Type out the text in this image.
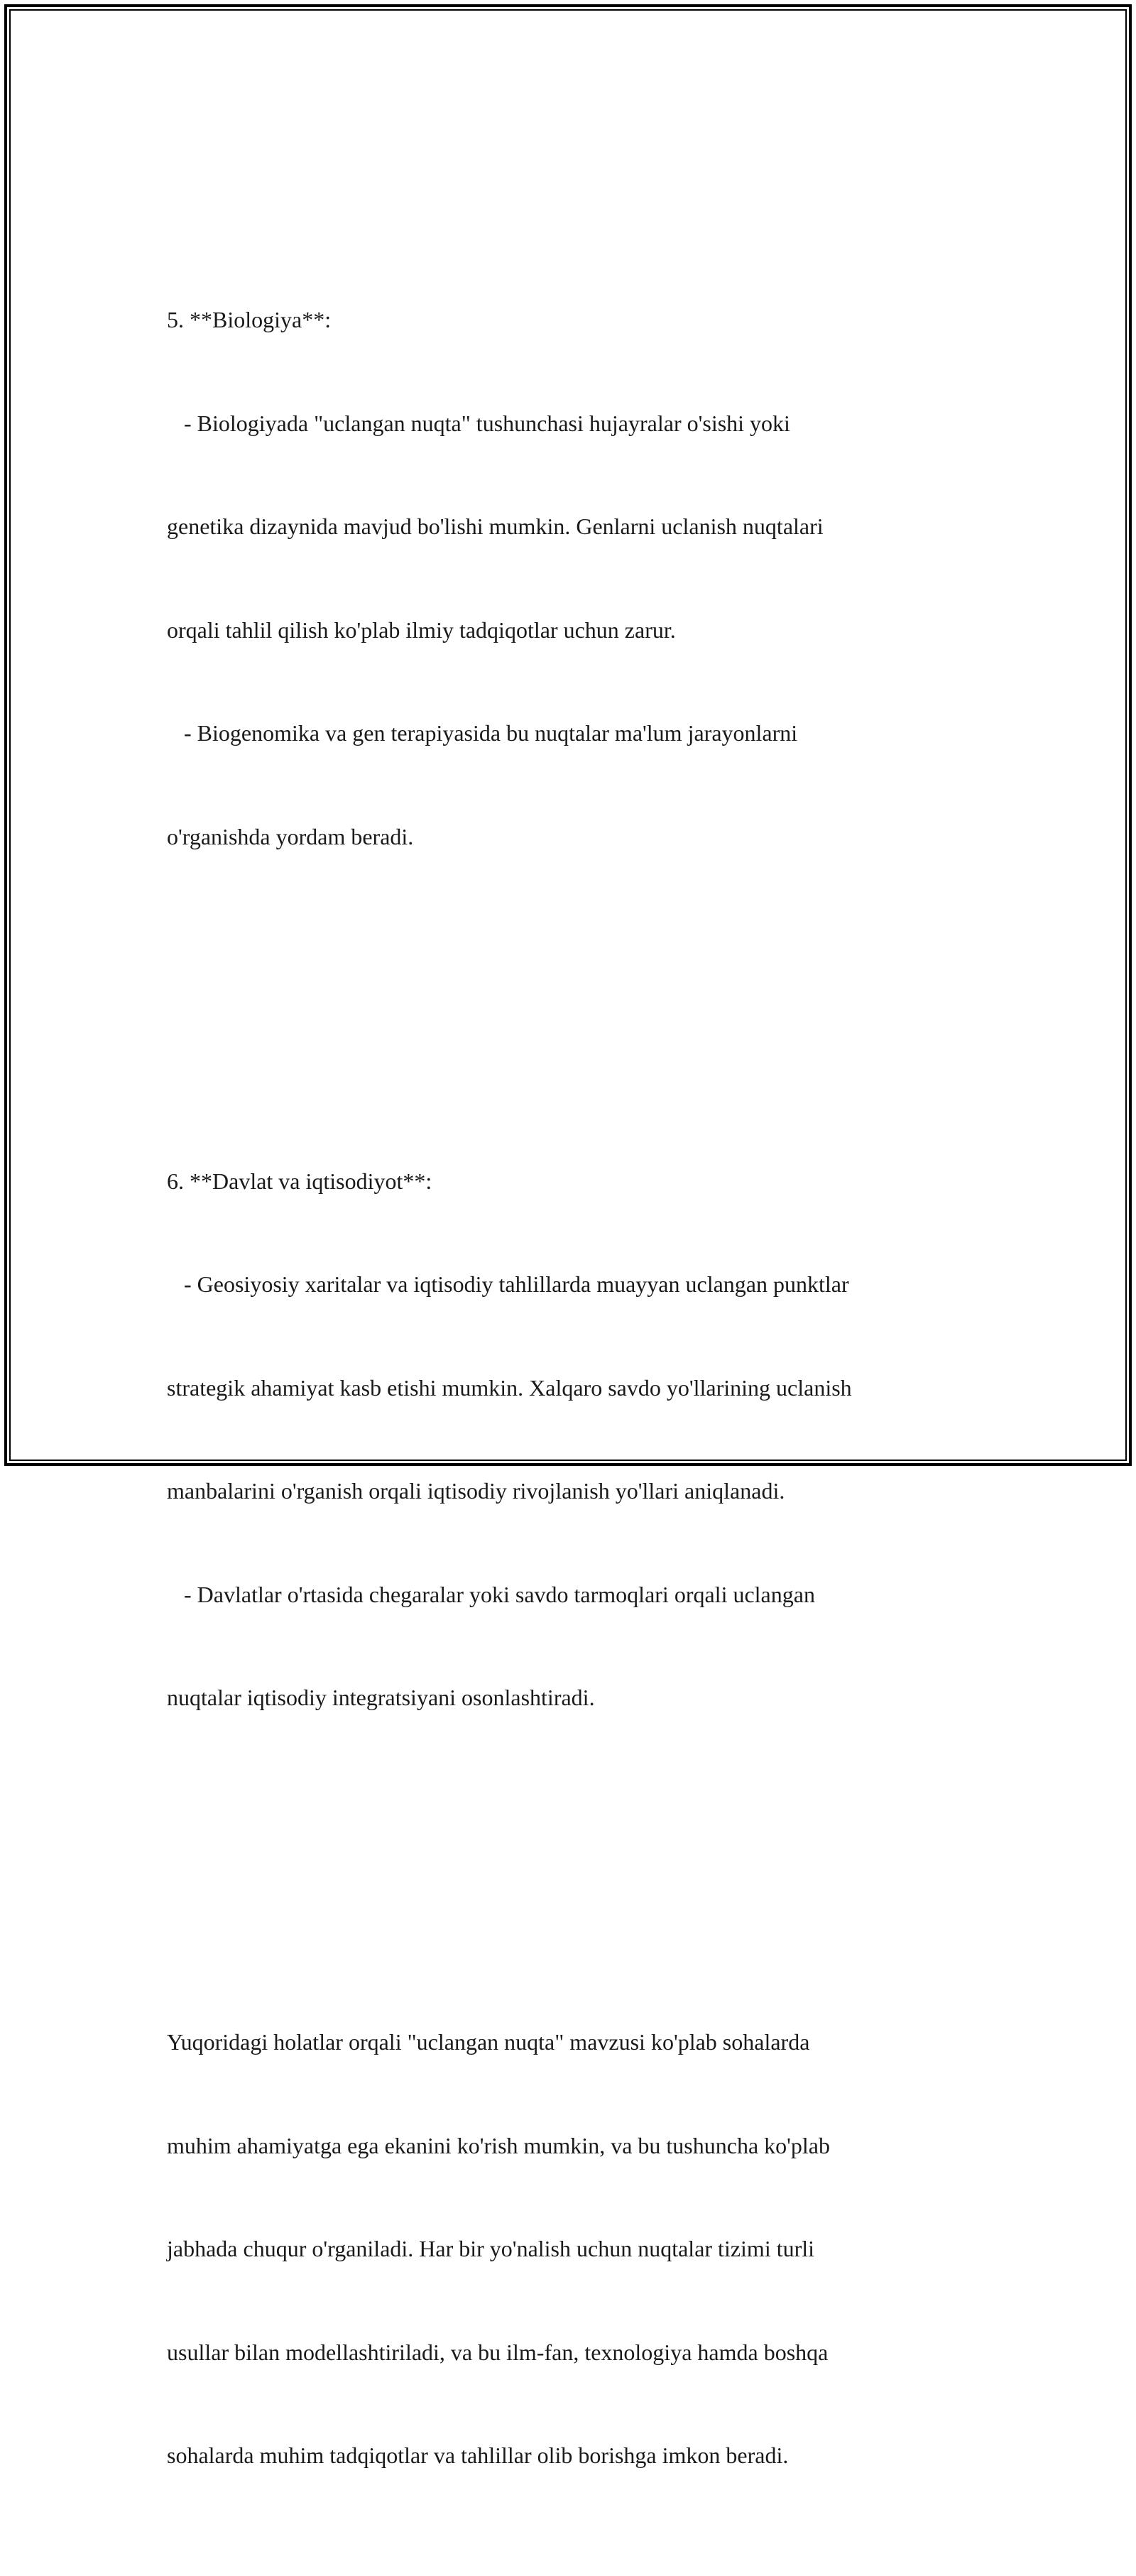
5. **Biologiya**:

- Biologiyada "uclangan nuqta" tushunchasi hujayralar o'sishi yoki

genetika dizaynida mavjud bo'lishi mumkin. Genlarni uclanish nuqtalari

orqali tahlil qilish ko'plab ilmiy tadqiqotlar uchun zarur.

- Biogenomika va gen terapiyasida bu nuqtalar ma'lum jarayonlarni

o'rganishda yordam beradi.

6. **Davlat va iqtisodiyot**:

- Geosiyosiy xaritalar va iqtisodiy tahlillarda muayyan uclangan punktlar

strategik ahamiyat kasb etishi mumkin. Xalqaro savdo yo'llarining uclanish

manbalarini o'rganish orqali iqtisodiy rivojlanish yo'llari aniqlanadi.

- Davlatlar o'rtasida chegaralar yoki savdo tarmoqlari orqali uclangan

nuqtalar iqtisodiy integratsiyani osonlashtiradi.

Yuqoridagi holatlar orqali "uclangan nuqta" mavzusi ko'plab sohalarda

muhim ahamiyatga ega ekanini ko'rish mumkin, va bu tushuncha ko'plab

jabhada chuqur o'rganiladi. Har bir yo'nalish uchun nuqtalar tizimi turli

usullar bilan modellashtiriladi, va bu ilm-fan, texnologiya hamda boshqa

sohalarda muhim tadqiqotlar va tahlillar olib borishga imkon beradi.
